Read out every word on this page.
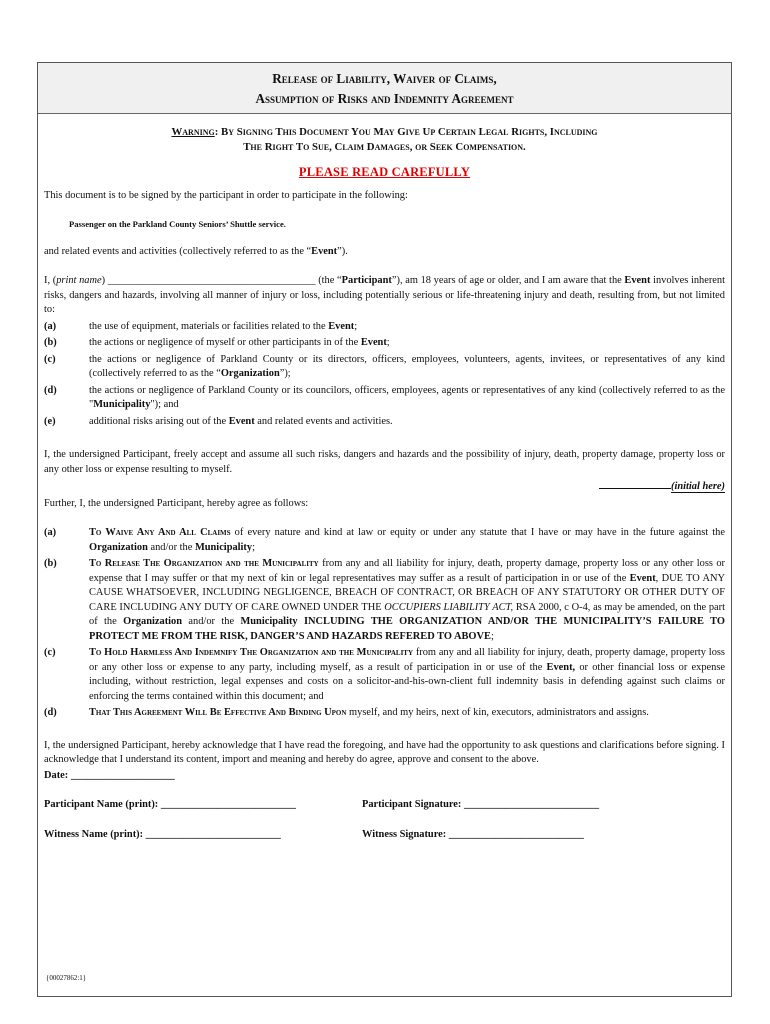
Release of Liability, Waiver of Claims,
Assumption of Risks and Indemnity Agreement
Warning: By Signing This Document You May Give Up Certain Legal Rights, Including
The Right To Sue, Claim Damages, or Seek Compensation.
PLEASE READ CAREFULLY

This document is to be signed by the participant in order to participate in the following:

Passenger on the Parkland County Seniors’ Shuttle service.

and related events and activities (collectively referred to as the “Event”).

I, (print name) ________________________________________ (the “Participant”), am 18 years of age or older, and I am aware that the Event involves inherent risks, dangers and hazards, involving all manner of injury or loss, including potentially serious or life-threatening injury and death, resulting from, but not limited to:

(a)	the use of equipment, materials or facilities related to the Event;
(b)	the actions or negligence of myself or other participants in of the Event;
(c)	the actions or negligence of Parkland County or its directors, officers, employees, volunteers, agents, invitees, or representatives of any kind (collectively referred to as the “Organization”);
(d)	the actions or negligence of Parkland County or its councilors, officers, employees, agents or representatives of any kind (collectively referred to as the "Municipality"); and
(e)	additional risks arising out of the Event and related events and activities.

I, the undersigned Participant, freely accept and assume all such risks, dangers and hazards and the possibility of injury, death, property damage, property loss or any other loss or expense resulting to myself.

(initial here)

Further, I, the undersigned Participant, hereby agree as follows:

(a)	To Waive Any And All Claims of every nature and kind at law or equity or under any statute that I have or may have in the future against the Organization and/or the Municipality;
(b)	To Release The Organization and the Municipality from any and all liability for injury, death, property damage, property loss or any other loss or expense that I may suffer or that my next of kin or legal representatives may suffer as a result of participation in or use of the Event, DUE TO ANY CAUSE WHATSOEVER, INCLUDING NEGLIGENCE, BREACH OF CONTRACT, OR BREACH OF ANY STATUTORY OR OTHER DUTY OF CARE INCLUDING ANY DUTY OF CARE OWNED UNDER THE OCCUPIERS LIABILITY ACT, RSA 2000, c O-4, as may be amended, on the part of the Organization and/or the Municipality INCLUDING THE ORGANIZATION AND/OR THE MUNICIPALITY’S FAILURE TO PROTECT ME FROM THE RISK, DANGER’S AND HAZARDS REFERED TO ABOVE;
(c)	To Hold Harmless And Indemnify The Organization and the Municipality from any and all liability for injury, death, property damage, property loss or any other loss or expense to any party, including myself, as a result of participation in or use of the Event, or other financial loss or expense including, without restriction, legal expenses and costs on a solicitor-and-his-own-client full indemnity basis in defending against such claims or enforcing the terms contained within this document; and
(d)	That This Agreement Will Be Effective And Binding Upon myself, and my heirs, next of kin, executors, administrators and assigns.

I, the undersigned Participant, hereby acknowledge that I have read the foregoing, and have had the opportunity to ask questions and clarifications before signing. I acknowledge that I understand its content, import and meaning and hereby do agree, approve and consent to the above.

Date: ____________________

Participant Name (print): __________________________	Participant Signature: __________________________
Witness Name (print): __________________________	Witness Signature: __________________________
{00027862:1}
